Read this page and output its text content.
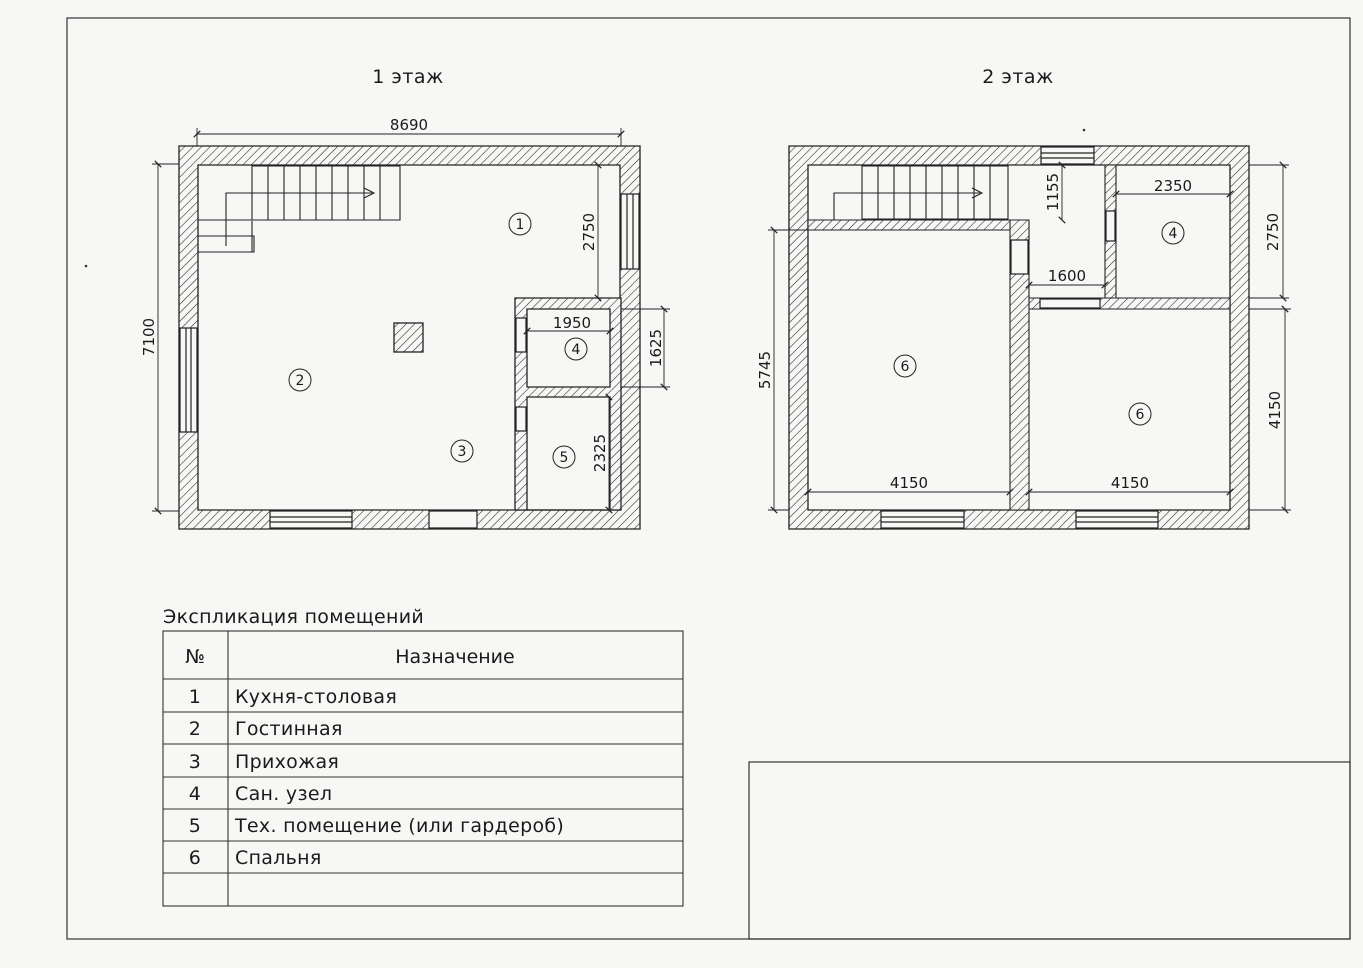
1 этаж
8690
7100
2750
1950
1625
2325
1
2
3
4
5
2 этаж
1155	2350
2750
1600
5745
4150	4150
4150
4
6
6
Экспликация помещений
№	Назначение
1 Кухня-столовая
2 Гостинная
3 Прихожая
4 Сан. узел
5 Тех. помещение (или гардероб)
6 Спальня
